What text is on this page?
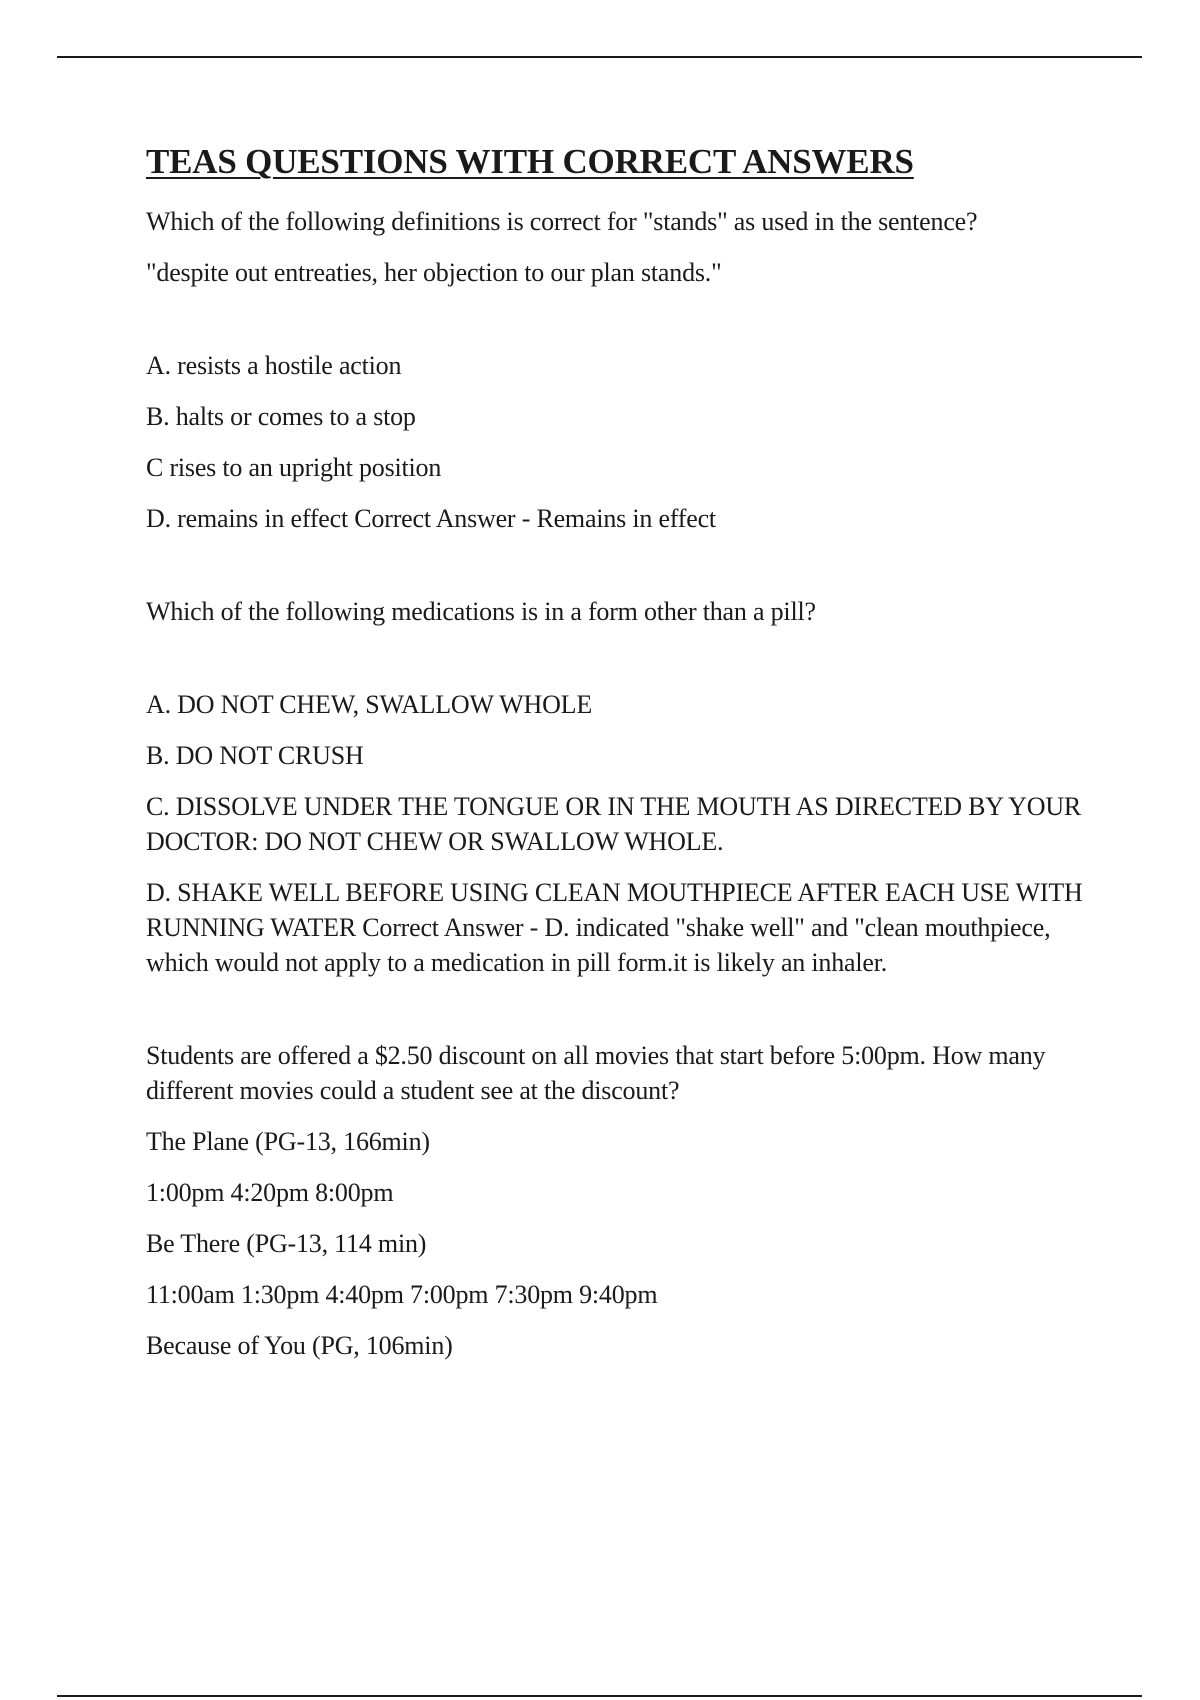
TEAS QUESTIONS WITH CORRECT ANSWERS

Which of the following definitions is correct for "stands" as used in the sentence?

"despite out entreaties, her objection to our plan stands."

A. resists a hostile action

B. halts or comes to a stop

C rises to an upright position

D. remains in effect Correct Answer - Remains in effect

Which of the following medications is in a form other than a pill?

A. DO NOT CHEW, SWALLOW WHOLE

B. DO NOT CRUSH

C. DISSOLVE UNDER THE TONGUE OR IN THE MOUTH AS DIRECTED BY YOUR DOCTOR: DO NOT CHEW OR SWALLOW WHOLE.

D. SHAKE WELL BEFORE USING CLEAN MOUTHPIECE AFTER EACH USE WITH RUNNING WATER Correct Answer - D. indicated "shake well" and "clean mouthpiece, which would not apply to a medication in pill form.it is likely an inhaler.

Students are offered a $2.50 discount on all movies that start before 5:00pm. How many different movies could a student see at the discount?

The Plane (PG-13, 166min)

1:00pm 4:20pm 8:00pm

Be There (PG-13, 114 min)

11:00am 1:30pm 4:40pm 7:00pm 7:30pm 9:40pm

Because of You (PG, 106min)
